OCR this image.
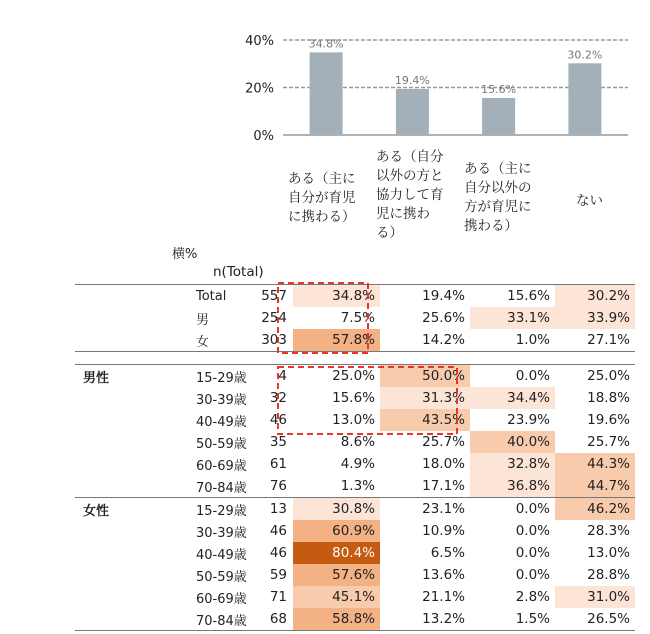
40%
20%
0%
34.8%
19.4%
15.6%
30.2%
ある（主に
自分が育児
に携わる）
ある（自分
以外の方と
協力して育
児に携わ
る）
ある（主に
自分以外の
方が育児に
携わる）
ない
横%
n(Total)
	Total	557	34.8%	19.4%	15.6%	30.2%
	男	254	7.5%	25.6%	33.1%	33.9%
	女	303	57.8%	14.2%	1.0%	27.1%

男性	15-29歳	4	25.0%	50.0%	0.0%	25.0%
	30-39歳	32	15.6%	31.3%	34.4%	18.8%
	40-49歳	46	13.0%	43.5%	23.9%	19.6%
	50-59歳	35	8.6%	25.7%	40.0%	25.7%
	60-69歳	61	4.9%	18.0%	32.8%	44.3%
	70-84歳	76	1.3%	17.1%	36.8%	44.7%
女性	15-29歳	13	30.8%	23.1%	0.0%	46.2%
	30-39歳	46	60.9%	10.9%	0.0%	28.3%
	40-49歳	46	80.4%	6.5%	0.0%	13.0%
	50-59歳	59	57.6%	13.6%	0.0%	28.8%
	60-69歳	71	45.1%	21.1%	2.8%	31.0%
	70-84歳	68	58.8%	13.2%	1.5%	26.5%
